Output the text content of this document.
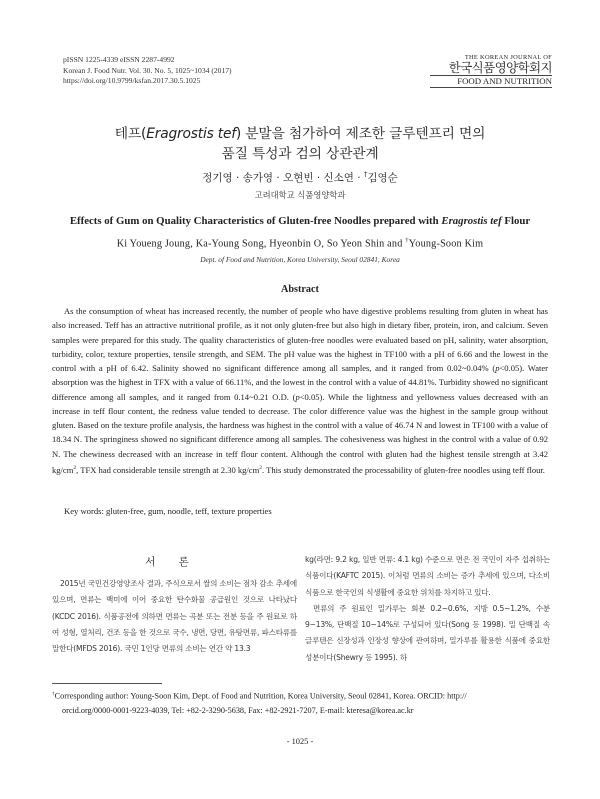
pISSN 1225-4339 eISSN 2287-4992
Korean J. Food Nutr. Vol. 30. No. 5, 1025~1034 (2017)
https://doi.org/10.9799/ksfan.2017.30.5.1025
THE KOREAN JOURNAL OF
한국식품영양학회지
FOOD AND NUTRITION
테프(Eragrostis tef) 분말을 첨가하여 제조한 글루텐프리 면의
품질 특성과 검의 상관관계
정기영 · 송가영 · 오현빈 · 신소연 · †김영순
고려대학교 식품영양학과
Effects of Gum on Quality Characteristics of Gluten-free Noodles prepared with Eragrostis tef Flour
Ki Youeng Joung, Ka-Young Song, Hyeonbin O, So Yeon Shin and †Young-Soon Kim
Dept. of Food and Nutrition, Korea University, Seoul 02841, Korea
Abstract
As the consumption of wheat has increased recently, the number of people who have digestive problems resulting from gluten in wheat has also increased. Teff has an attractive nutritional profile, as it not only gluten-free but also high in dietary fiber, protein, iron, and calcium. Seven samples were prepared for this study. The quality characteristics of gluten-free noodles were evaluated based on pH, salinity, water absorption, turbidity, color, texture properties, tensile strength, and SEM. The pH value was the highest in TF100 with a pH of 6.66 and the lowest in the control with a pH of 6.42. Salinity showed no significant difference among all samples, and it ranged from 0.02~0.04% (p<0.05). Water absorption was the highest in TFX with a value of 66.11%, and the lowest in the control with a value of 44.81%. Turbidity showed no significant difference among all samples, and it ranged from 0.14~0.21 O.D. (p<0.05). While the lightness and yellowness values decreased with an increase in teff flour content, the redness value tended to decrease. The color difference value was the highest in the sample group without gluten. Based on the texture profile analysis, the hardness was highest in the control with a value of 46.74 N and lowest in TF100 with a value of 18.34 N. The springiness showed no significant difference among all samples. The cohesiveness was highest in the control with a value of 0.92 N. The chewiness decreased with an increase in teff flour content. Although the control with gluten had the highest tensile strength at 3.42 $kg/cm^2$, TFX had considerable tensile strength at 2.30 $kg/cm^2$. This study demonstrated the processability of gluten-free noodles using teff flour.
Key words: gluten-free, gum, noodle, teff, texture properties
서 론

2015년 국민건강영양조사 결과, 주식으로서 쌀의 소비는 점차 감소 추세에 있으며, 면류는 백미에 이어 중요한 탄수화물 공급원인 것으로 나타났다(KCDC 2016). 식품공전에 의하면 면류는 곡분 또는 전분 등을 주 원료로 하여 성형, 열처리, 건조 등을 한 것으로 국수, 냉면, 당면, 유탕면류, 파스타류를 말한다(MFDS 2016). 국민 1인당 면류의 소비는 연간 약 13.3

kg(라면: 9.2 kg, 일반 면류: 4.1 kg) 수준으로 면은 전 국민이 자주 섭취하는 식품이다(KAFTC 2015). 이처럼 면류의 소비는 증가 추세에 있으며, 다소비식품으로 한국인의 식생활에 중요한 위치를 차지하고 있다.

면류의 주 원료인 밀가루는 회분 0.2~0.6%, 지방 0.5~1.2%, 수분 9~13%, 단백질 10~14%로 구성되어 있다(Song 등 1998). 밀 단백질 속 글루텐은 신장성과 인장성 향상에 관여하며, 밀가루를 활용한 식품에 중요한 성분이다(Shewry 등 1995). 하

†Corresponding author: Young-Soon Kim, Dept. of Food and Nutrition, Korea University, Seoul 02841, Korea. ORCID: http://
orcid.org/0000-0001-9223-4039, Tel: +82-2-3290-5638, Fax: +82-2921-7207, E-mail: kteresa@korea.ac.kr
- 1025 -
